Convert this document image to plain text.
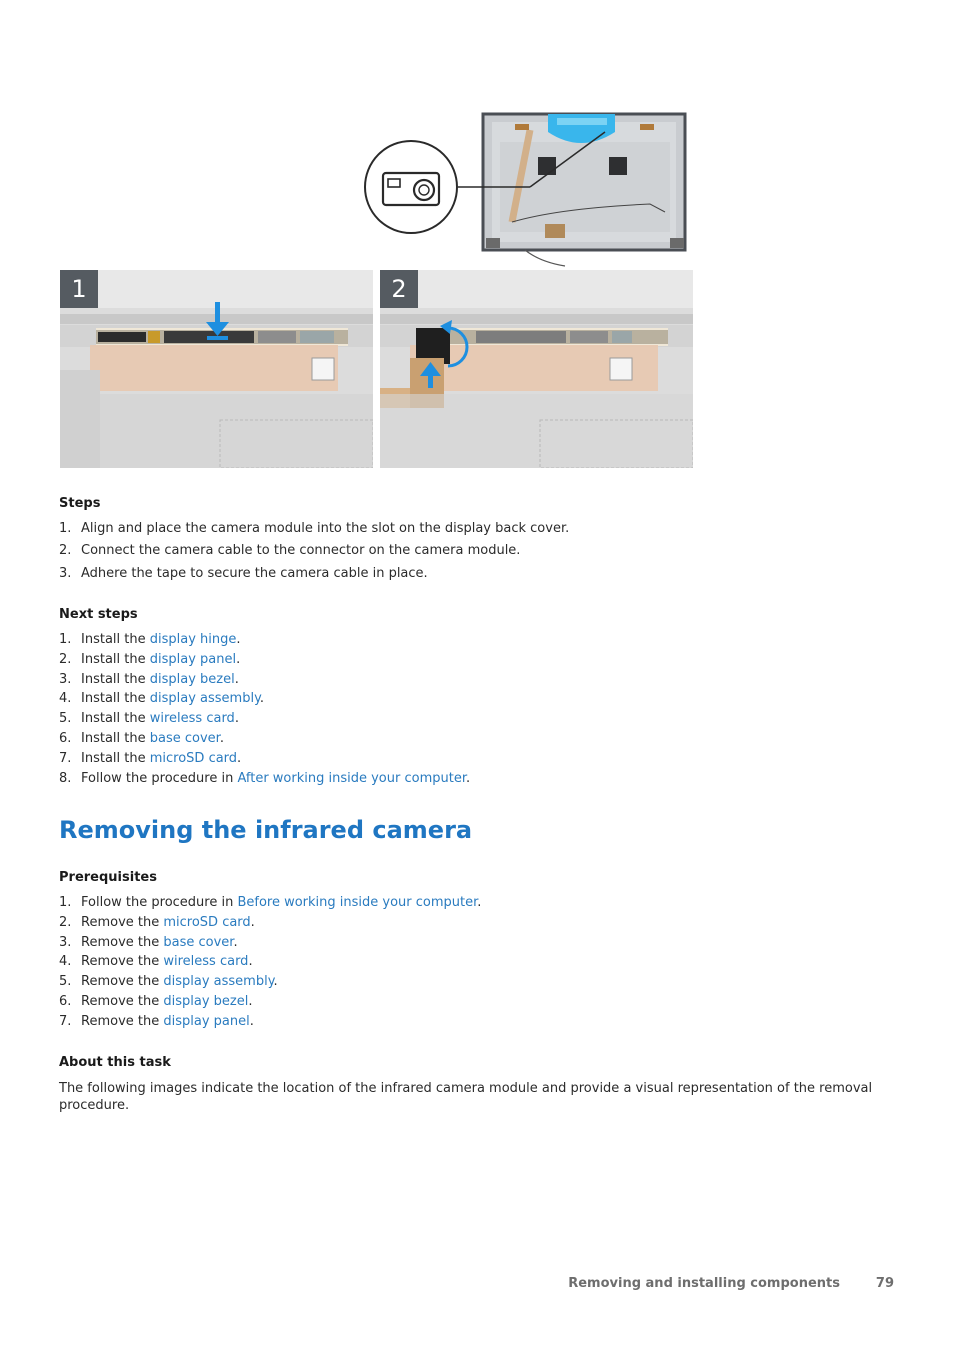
1	2
Steps
1. Align and place the camera module into the slot on the display back cover.
2. Connect the camera cable to the connector on the camera module.
3. Adhere the tape to secure the camera cable in place.
Next steps
1. Install the display hinge.
2. Install the display panel.
3. Install the display bezel.
4. Install the display assembly.
5. Install the wireless card.
6. Install the base cover.
7. Install the microSD card.
8. Follow the procedure in After working inside your computer.
Removing the infrared camera
Prerequisites
1. Follow the procedure in Before working inside your computer.
2. Remove the microSD card.
3. Remove the base cover.
4. Remove the wireless card.
5. Remove the display assembly.
6. Remove the display bezel.
7. Remove the display panel.
About this task

The following images indicate the location of the infrared camera module and provide a visual representation of the removal procedure.

Removing and installing components	79
